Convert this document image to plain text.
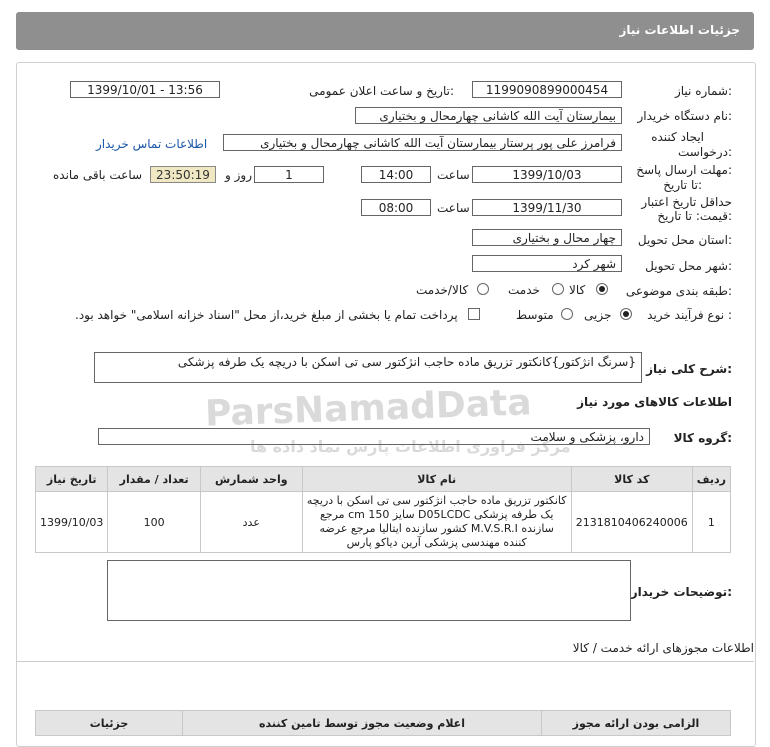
جزئیات اطلاعات نیاز
ParsNamadData
مرکز فراوری اطلاعات پارس نماد داده ها
شماره نیاز:
1199090899000454
تاریخ و ساعت اعلان عمومی:
1399/10/01 - 13:56
نام دستگاه خریدار:
بیمارستان آیت الله کاشانی چهارمحال و بختیاری
ایجاد کننده
درخواست:
فرامرز علی پور پرستار بیمارستان آیت الله کاشانی چهارمحال و بختیاری
اطلاعات تماس خریدار
مهلت ارسال پاسخ:
تا تاریخ:
1399/10/03
ساعت
14:00
1
روز و
23:50:19
ساعت باقی مانده
حداقل تاریخ اعتبار
قیمت: تا تاریخ:
1399/11/30
ساعت
08:00
استان محل تحویل:
چهار محال و بختیاری
شهر محل تحویل:
شهر کرد
طبقه بندی موضوعی:
کالا
خدمت
کالا/خدمت
نوع فرآیند خرید :
جزیی
متوسط
پرداخت تمام یا بخشی از مبلغ خرید،از محل "اسناد خزانه اسلامی" خواهد بود.
شرح کلی نیاز:
{سرنگ انژکتور}کانکتور تزریق ماده حاجب انژکتور سی تی اسکن با دریچه یک طرفه پزشکی
اطلاعات کالاهای مورد نیاز
گروه کالا:
دارو، پزشکی و سلامت
ردیف	کد کالا	نام کالا	واحد شمارش	تعداد / مقدار	تاریخ نیاز
1	2131810406240006	کانکتور تزریق ماده حاجب انژکتور سی تی اسکن با دریچه یک طرفه پزشکی D05LCDC سایز 150 cm مرجع سازنده M.V.S.R.I کشور سازنده ایتالیا مرجع عرضه کننده مهندسی پزشکی آرین دیاکو پارس	عدد	100	1399/10/03
توضیحات خریدار:
اطلاعات مجوزهای ارائه خدمت / کالا
الزامی بودن ارائه مجوز	اعلام وضعیت مجوز توسط تامین کننده	جزئیات
